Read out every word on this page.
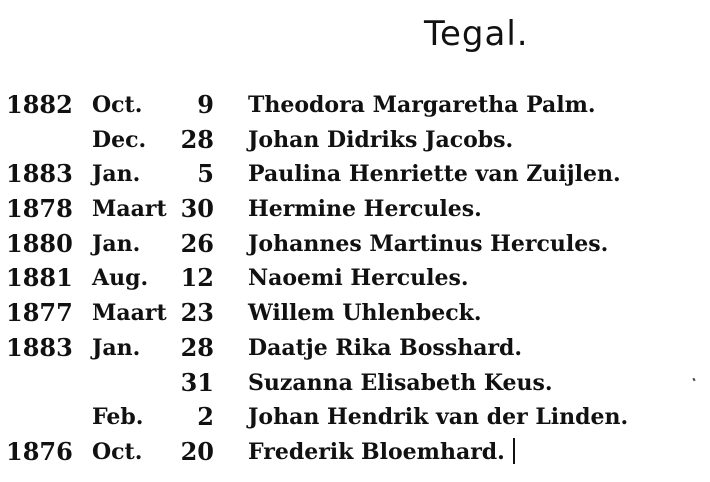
Tegal.
1882 Oct. 9 Theodora Margaretha Palm.
Dec. 28 Johan Didriks Jacobs.
1883 Jan. 5 Paulina Henriette van Zuijlen.
1878 Maart 30 Hermine Hercules.
1880 Jan. 26 Johannes Martinus Hercules.
1881 Aug. 12 Naoemi Hercules.
1877 Maart 23 Willem Uhlenbeck.
1883 Jan. 28 Daatje Rika Bosshard.
31 Suzanna Elisabeth Keus.
Feb. 2 Johan Hendrik van der Linden.
1876 Oct. 20 Frederik Bloemhard.
